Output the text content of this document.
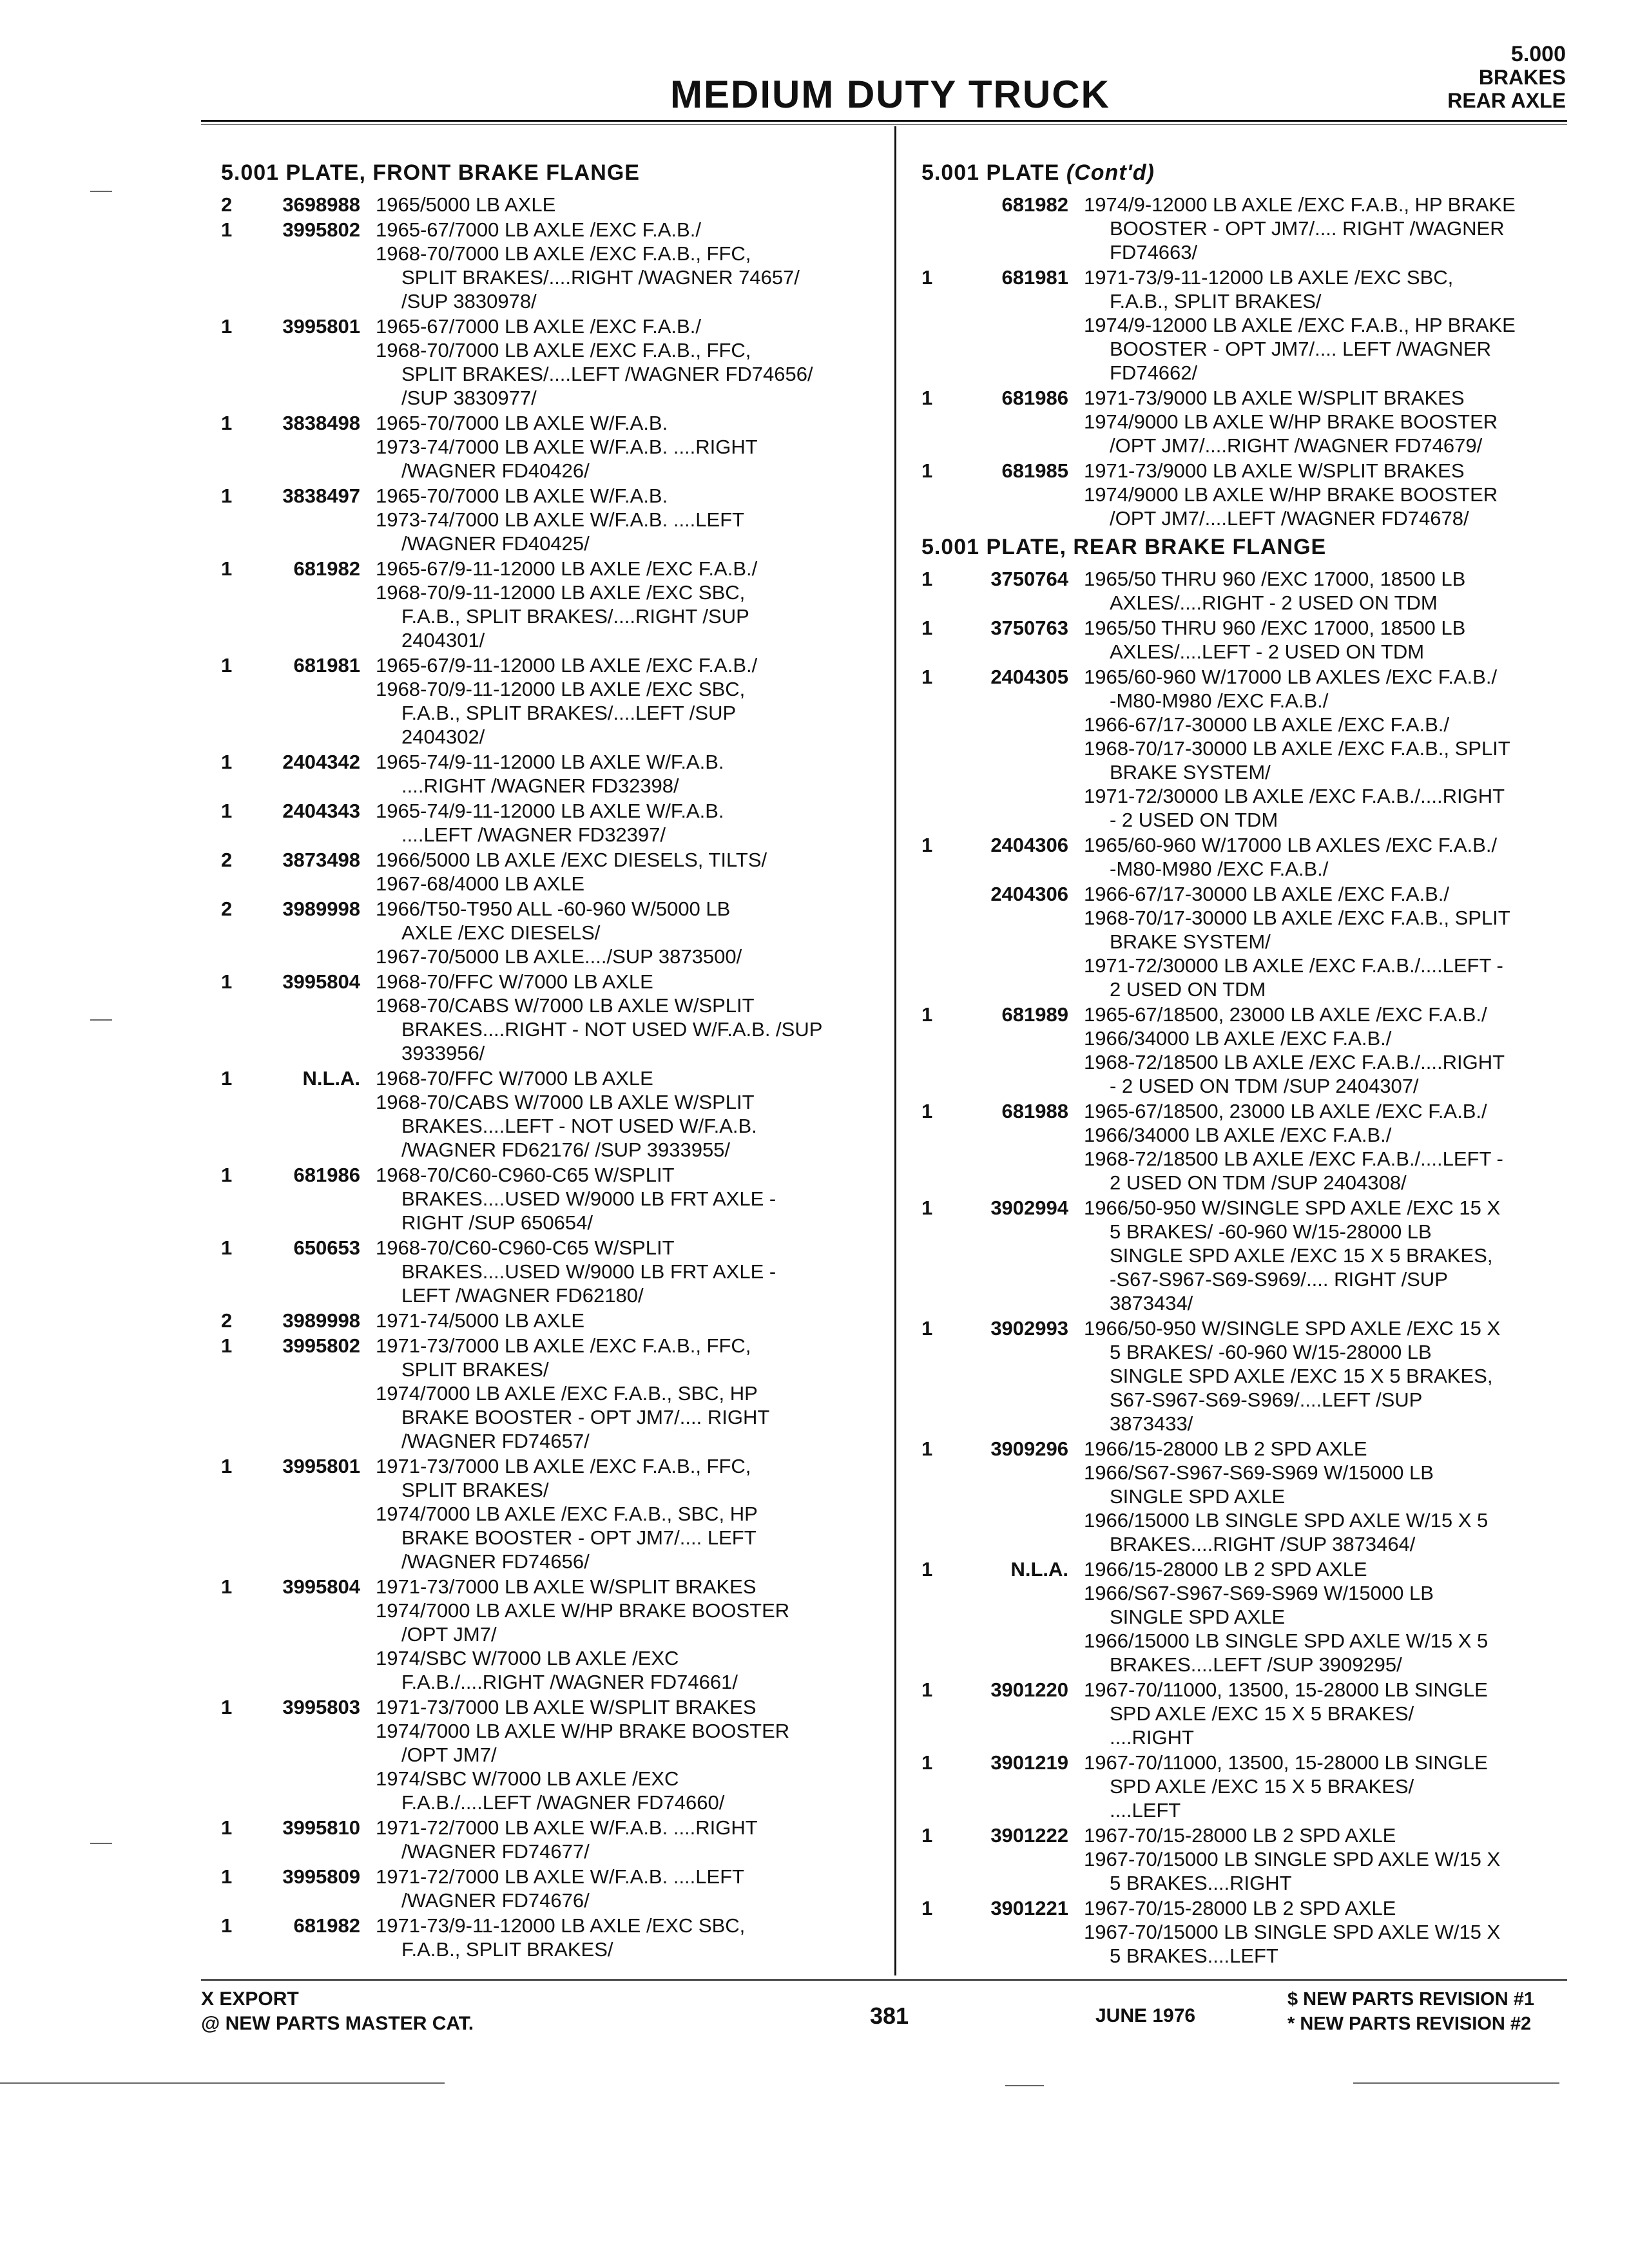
MEDIUM DUTY TRUCK
5.000
BRAKES
REAR AXLE
5.001 PLATE, FRONT BRAKE FLANGE
2	3698988 1965/5000 LB AXLE
1	3995802 1965-67/7000 LB AXLE /EXC F.A.B./
1968-70/7000 LB AXLE /EXC F.A.B., FFC,
SPLIT BRAKES/....RIGHT /WAGNER 74657/
/SUP 3830978/
1	3995801 1965-67/7000 LB AXLE /EXC F.A.B./
1968-70/7000 LB AXLE /EXC F.A.B., FFC,
SPLIT BRAKES/....LEFT /WAGNER FD74656/
/SUP 3830977/
1	3838498 1965-70/7000 LB AXLE W/F.A.B.
1973-74/7000 LB AXLE W/F.A.B. ....RIGHT
/WAGNER FD40426/
1	3838497 1965-70/7000 LB AXLE W/F.A.B.
1973-74/7000 LB AXLE W/F.A.B. ....LEFT
/WAGNER FD40425/
1	681982 1965-67/9-11-12000 LB AXLE /EXC F.A.B./
1968-70/9-11-12000 LB AXLE /EXC SBC,
F.A.B., SPLIT BRAKES/....RIGHT /SUP
2404301/
1	681981 1965-67/9-11-12000 LB AXLE /EXC F.A.B./
1968-70/9-11-12000 LB AXLE /EXC SBC,
F.A.B., SPLIT BRAKES/....LEFT /SUP
2404302/
1	2404342 1965-74/9-11-12000 LB AXLE W/F.A.B.
....RIGHT /WAGNER FD32398/
1	2404343 1965-74/9-11-12000 LB AXLE W/F.A.B.
....LEFT /WAGNER FD32397/
2	3873498 1966/5000 LB AXLE /EXC DIESELS, TILTS/
1967-68/4000 LB AXLE
2	3989998 1966/T50-T950 ALL -60-960 W/5000 LB
AXLE /EXC DIESELS/
1967-70/5000 LB AXLE..../SUP 3873500/
1	3995804 1968-70/FFC W/7000 LB AXLE
1968-70/CABS W/7000 LB AXLE W/SPLIT
BRAKES....RIGHT - NOT USED W/F.A.B. /SUP
3933956/
1	N.L.A. 1968-70/FFC W/7000 LB AXLE
1968-70/CABS W/7000 LB AXLE W/SPLIT
BRAKES....LEFT - NOT USED W/F.A.B.
/WAGNER FD62176/ /SUP 3933955/
1	681986 1968-70/C60-C960-C65 W/SPLIT
BRAKES....USED W/9000 LB FRT AXLE -
RIGHT /SUP 650654/
1	650653 1968-70/C60-C960-C65 W/SPLIT
BRAKES....USED W/9000 LB FRT AXLE -
LEFT /WAGNER FD62180/
2	3989998 1971-74/5000 LB AXLE
1	3995802 1971-73/7000 LB AXLE /EXC F.A.B., FFC,
SPLIT BRAKES/
1974/7000 LB AXLE /EXC F.A.B., SBC, HP
BRAKE BOOSTER - OPT JM7/.... RIGHT
/WAGNER FD74657/
1	3995801 1971-73/7000 LB AXLE /EXC F.A.B., FFC,
SPLIT BRAKES/
1974/7000 LB AXLE /EXC F.A.B., SBC, HP
BRAKE BOOSTER - OPT JM7/.... LEFT
/WAGNER FD74656/
1	3995804 1971-73/7000 LB AXLE W/SPLIT BRAKES
1974/7000 LB AXLE W/HP BRAKE BOOSTER
/OPT JM7/
1974/SBC W/7000 LB AXLE /EXC
F.A.B./....RIGHT /WAGNER FD74661/
1	3995803 1971-73/7000 LB AXLE W/SPLIT BRAKES
1974/7000 LB AXLE W/HP BRAKE BOOSTER
/OPT JM7/
1974/SBC W/7000 LB AXLE /EXC
F.A.B./....LEFT /WAGNER FD74660/
1	3995810 1971-72/7000 LB AXLE W/F.A.B. ....RIGHT
/WAGNER FD74677/
1	3995809 1971-72/7000 LB AXLE W/F.A.B. ....LEFT
/WAGNER FD74676/
1	681982 1971-73/9-11-12000 LB AXLE /EXC SBC,
F.A.B., SPLIT BRAKES/
5.001 PLATE (Cont'd)
681982 1974/9-12000 LB AXLE /EXC F.A.B., HP BRAKE
BOOSTER - OPT JM7/.... RIGHT /WAGNER
FD74663/
1	681981 1971-73/9-11-12000 LB AXLE /EXC SBC,
F.A.B., SPLIT BRAKES/
1974/9-12000 LB AXLE /EXC F.A.B., HP BRAKE
BOOSTER - OPT JM7/.... LEFT /WAGNER
FD74662/
1	681986 1971-73/9000 LB AXLE W/SPLIT BRAKES
1974/9000 LB AXLE W/HP BRAKE BOOSTER
/OPT JM7/....RIGHT /WAGNER FD74679/
1	681985 1971-73/9000 LB AXLE W/SPLIT BRAKES
1974/9000 LB AXLE W/HP BRAKE BOOSTER
/OPT JM7/....LEFT /WAGNER FD74678/
5.001 PLATE, REAR BRAKE FLANGE
1	3750764 1965/50 THRU 960 /EXC 17000, 18500 LB
AXLES/....RIGHT - 2 USED ON TDM
1	3750763 1965/50 THRU 960 /EXC 17000, 18500 LB
AXLES/....LEFT - 2 USED ON TDM
1	2404305 1965/60-960 W/17000 LB AXLES /EXC F.A.B./
-M80-M980 /EXC F.A.B./
1966-67/17-30000 LB AXLE /EXC F.A.B./
1968-70/17-30000 LB AXLE /EXC F.A.B., SPLIT
BRAKE SYSTEM/
1971-72/30000 LB AXLE /EXC F.A.B./....RIGHT
- 2 USED ON TDM
1	2404306 1965/60-960 W/17000 LB AXLES /EXC F.A.B./
-M80-M980 /EXC F.A.B./
2404306 1966-67/17-30000 LB AXLE /EXC F.A.B./
1968-70/17-30000 LB AXLE /EXC F.A.B., SPLIT
BRAKE SYSTEM/
1971-72/30000 LB AXLE /EXC F.A.B./....LEFT -
2 USED ON TDM
1	681989 1965-67/18500, 23000 LB AXLE /EXC F.A.B./
1966/34000 LB AXLE /EXC F.A.B./
1968-72/18500 LB AXLE /EXC F.A.B./....RIGHT
- 2 USED ON TDM /SUP 2404307/
1	681988 1965-67/18500, 23000 LB AXLE /EXC F.A.B./
1966/34000 LB AXLE /EXC F.A.B./
1968-72/18500 LB AXLE /EXC F.A.B./....LEFT -
2 USED ON TDM /SUP 2404308/
1	3902994 1966/50-950 W/SINGLE SPD AXLE /EXC 15 X
5 BRAKES/ -60-960 W/15-28000 LB
SINGLE SPD AXLE /EXC 15 X 5 BRAKES,
-S67-S967-S69-S969/.... RIGHT /SUP
3873434/
1	3902993 1966/50-950 W/SINGLE SPD AXLE /EXC 15 X
5 BRAKES/ -60-960 W/15-28000 LB
SINGLE SPD AXLE /EXC 15 X 5 BRAKES,
S67-S967-S69-S969/....LEFT /SUP
3873433/
1	3909296 1966/15-28000 LB 2 SPD AXLE
1966/S67-S967-S69-S969 W/15000 LB
SINGLE SPD AXLE
1966/15000 LB SINGLE SPD AXLE W/15 X 5
BRAKES....RIGHT /SUP 3873464/
1	N.L.A. 1966/15-28000 LB 2 SPD AXLE
1966/S67-S967-S69-S969 W/15000 LB
SINGLE SPD AXLE
1966/15000 LB SINGLE SPD AXLE W/15 X 5
BRAKES....LEFT /SUP 3909295/
1	3901220 1967-70/11000, 13500, 15-28000 LB SINGLE
SPD AXLE /EXC 15 X 5 BRAKES/
....RIGHT
1	3901219 1967-70/11000, 13500, 15-28000 LB SINGLE
SPD AXLE /EXC 15 X 5 BRAKES/
....LEFT
1	3901222 1967-70/15-28000 LB 2 SPD AXLE
1967-70/15000 LB SINGLE SPD AXLE W/15 X
5 BRAKES....RIGHT
1	3901221 1967-70/15-28000 LB 2 SPD AXLE
1967-70/15000 LB SINGLE SPD AXLE W/15 X
5 BRAKES....LEFT
X EXPORT
@ NEW PARTS MASTER CAT.	381	JUNE 1976
$ NEW PARTS REVISION #1
* NEW PARTS REVISION #2
